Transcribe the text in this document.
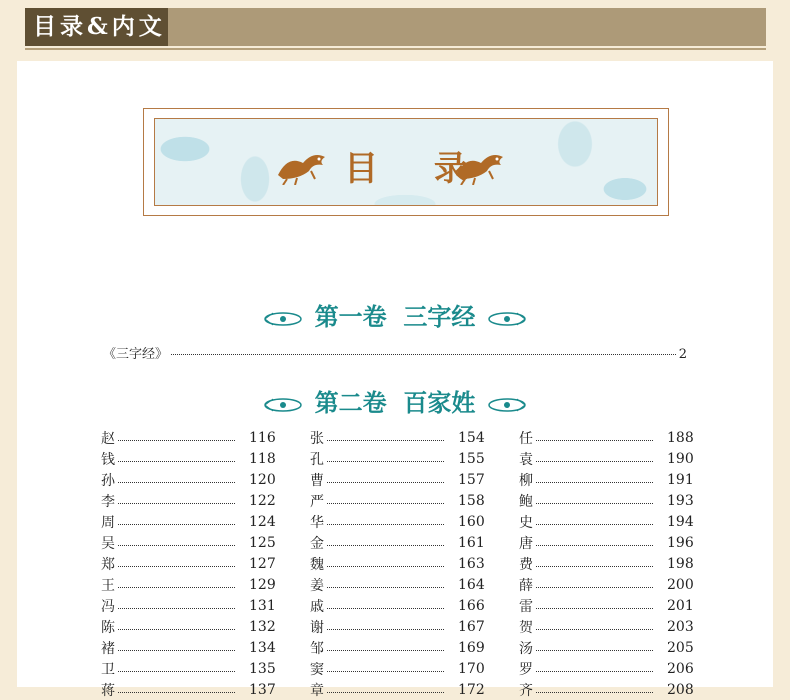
目录&内文
目 录
第一卷  三字经
《三字经》	2
第二卷  百家姓
赵	116
钱	118
孙	120
李	122
周	124
吴	125
郑	127
王	129
冯	131
陈	132
褚	134
卫	135
蒋	137
张	154
孔	155
曹	157
严	158
华	160
金	161
魏	163
姜	164
戚	166
谢	167
邹	169
窦	170
章	172
任	188
袁	190
柳	191
鲍	193
史	194
唐	196
费	198
薛	200
雷	201
贺	203
汤	205
罗	206
齐	208
